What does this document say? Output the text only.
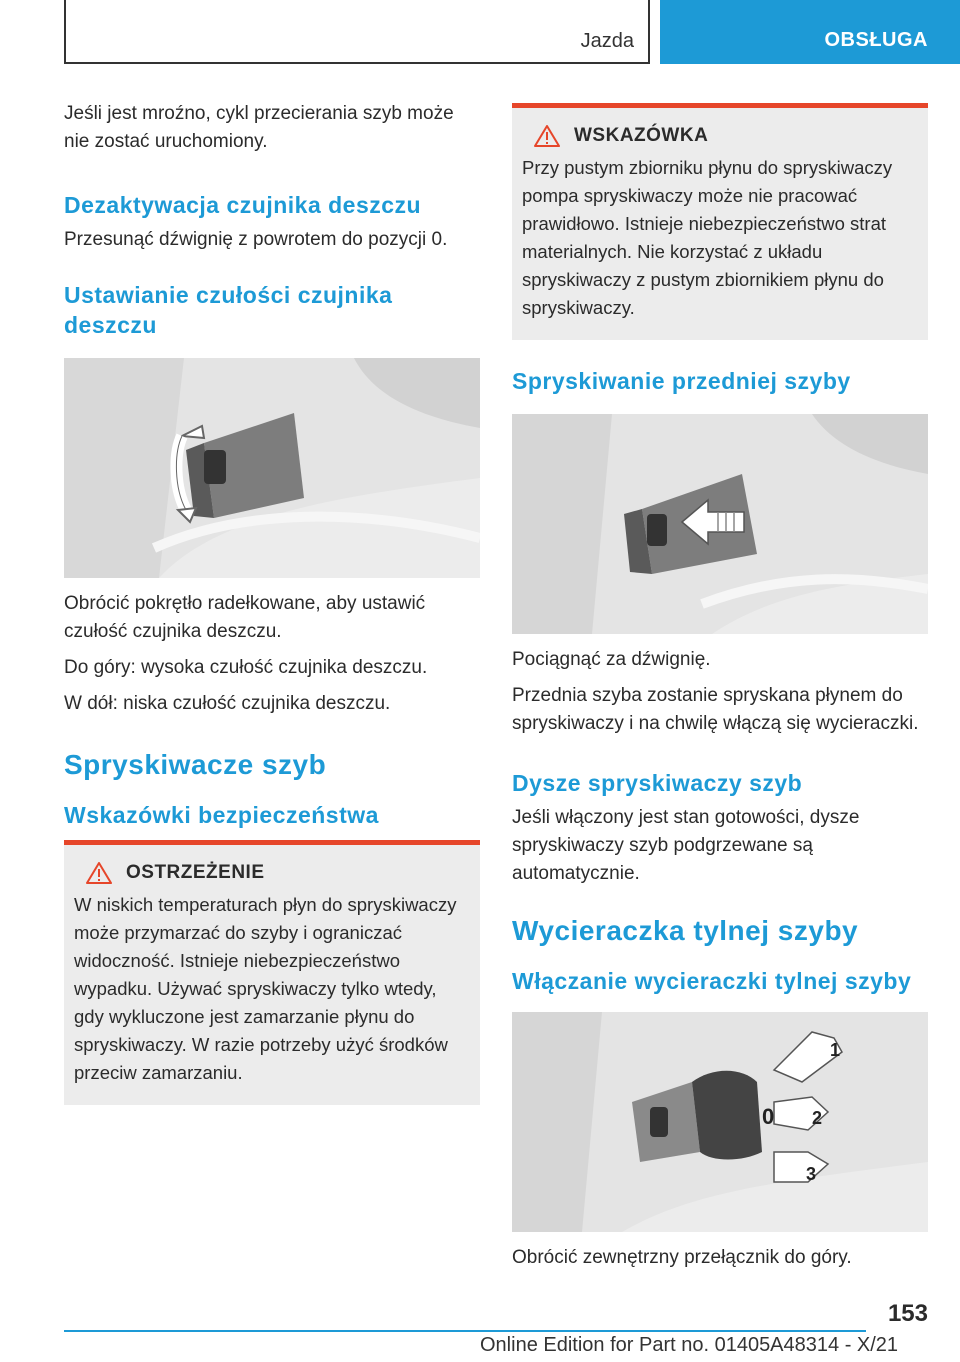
Jazda	OBSŁUGA

Jeśli jest mroźno, cykl przecierania szyb może nie zostać uruchomiony.

Dezaktywacja czujnika deszczu

Przesunąć dźwignię z powrotem do pozycji 0.

Ustawianie czułości czujnika deszczu

Obrócić pokrętło radełkowane, aby ustawić czułość czujnika deszczu.

Do góry: wysoka czułość czujnika deszczu.

W dół: niska czułość czujnika deszczu.

Spryskiwacze szyb
Wskazówki bezpieczeństwa
OSTRZEŻENIE

W niskich temperaturach płyn do spryskiwaczy może przymarzać do szyby i ograniczać widoczność. Istnieje niebezpieczeństwo wypadku. Używać spryskiwaczy tylko wtedy, gdy wykluczone jest zamarzanie płynu do spryskiwaczy. W razie potrzeby użyć środków przeciw zamarzaniu.

WSKAZÓWKA

Przy pustym zbiorniku płynu do spryskiwaczy pompa spryskiwaczy może nie pracować prawidłowo. Istnieje niebezpieczeństwo strat materialnych. Nie korzystać z układu spryskiwaczy z pustym zbiornikiem płynu do spryskiwaczy.

Spryskiwanie przedniej szyby

Pociągnąć za dźwignię.

Przednia szyba zostanie spryskana płynem do spryskiwaczy i na chwilę włączą się wycieraczki.

Dysze spryskiwaczy szyb

Jeśli włączony jest stan gotowości, dysze spryskiwaczy szyb podgrzewane są automatycznie.

Wycieraczka tylnej szyby
Włączanie wycieraczki tylnej szyby
1
0 2
3

Obrócić zewnętrzny przełącznik do góry.

153
Online Edition for Part no. 01405A48314 - X/21
